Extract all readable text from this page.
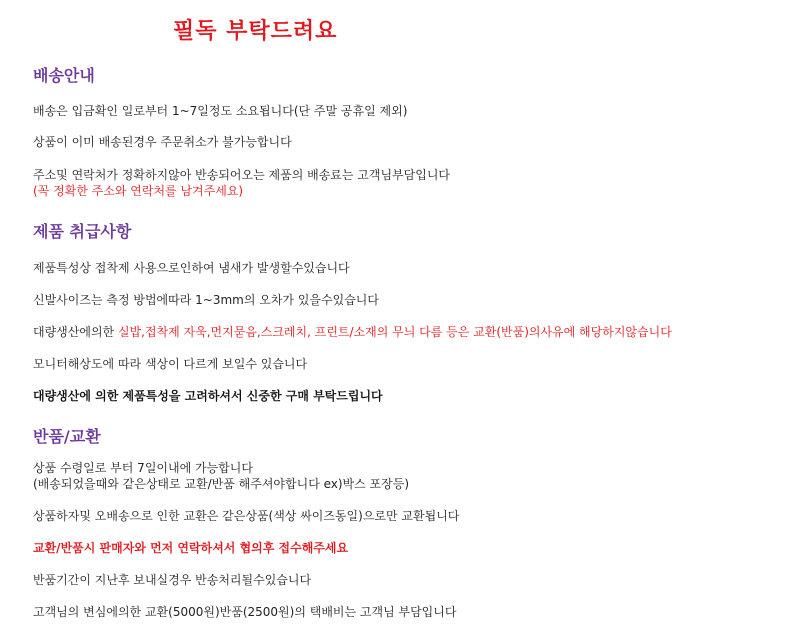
필독 부탁드려요
배송안내
배송은 입금확인 일로부터 1~7일정도 소요됩니다(단 주말 공휴일 제외)
상품이 이미 배송된경우 주문취소가 불가능합니다
주소및 연락처가 정확하지않아 반송되어오는 제품의 배송료는 고객님부담입니다
(꼭 정확한 주소와 연락처를 남겨주세요)
제품 취급사항
제품특성상 접착제 사용으로인하여 냄새가 발생할수있습니다
신발사이즈는 측정 방법에따라 1~3mm의 오차가 있을수있습니다
대량생산에의한 실밥,접착제 자욱,먼지묻음,스크레치, 프린트/소재의 무늬 다름 등은 교환(반품)의사유에 해당하지않습니다
모니터해상도에 따라 색상이 다르게 보일수 있습니다
대량생산에 의한 제품특성을 고려하셔서 신중한 구매 부탁드립니다
반품/교환
상품 수령일로 부터 7일이내에 가능합니다
(배송되었을때와 같은상태로 교환/반품 해주셔야합니다 ex)박스 포장등)
상품하자및 오배송으로 인한 교환은 같은상품(색상 싸이즈동일)으로만 교환됩니다
교환/반품시 판매자와 먼저 연락하셔서 협의후 접수해주세요
반품기간이 지난후 보내실경우 반송처리될수있습니다
고객님의 변심에의한 교환(5000원)반품(2500원)의 택배비는 고객님 부담입니다
